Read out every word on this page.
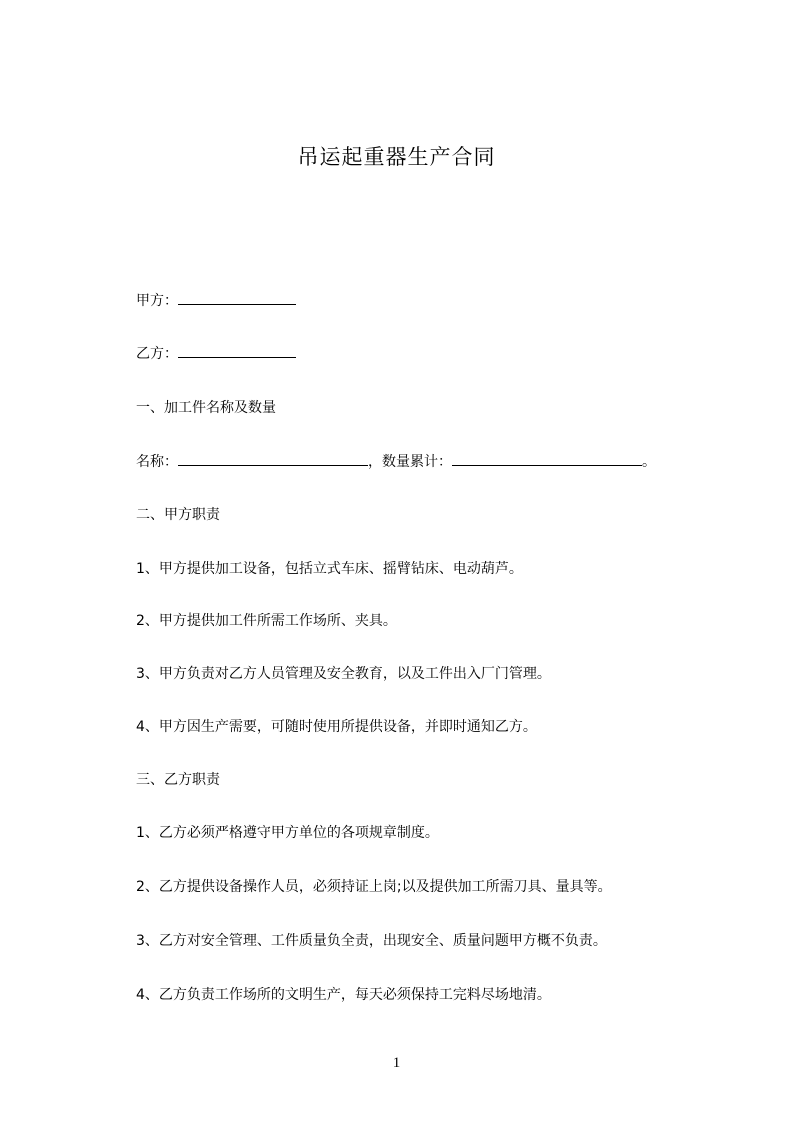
吊运起重器生产合同
甲方：
乙方：
一、加工件名称及数量
名称：	，数量累计：	。
二、甲方职责
1、甲方提供加工设备，包括立式车床、摇臂钻床、电动葫芦。
2、甲方提供加工件所需工作场所、夹具。
3、甲方负责对乙方人员管理及安全教育，以及工件出入厂门管理。
4、甲方因生产需要，可随时使用所提供设备，并即时通知乙方。
三、乙方职责
1、乙方必须严格遵守甲方单位的各项规章制度。
2、乙方提供设备操作人员，必须持证上岗;以及提供加工所需刀具、量具等。
3、乙方对安全管理、工件质量负全责，出现安全、质量问题甲方概不负责。
4、乙方负责工作场所的文明生产，每天必须保持工完料尽场地清。
1
